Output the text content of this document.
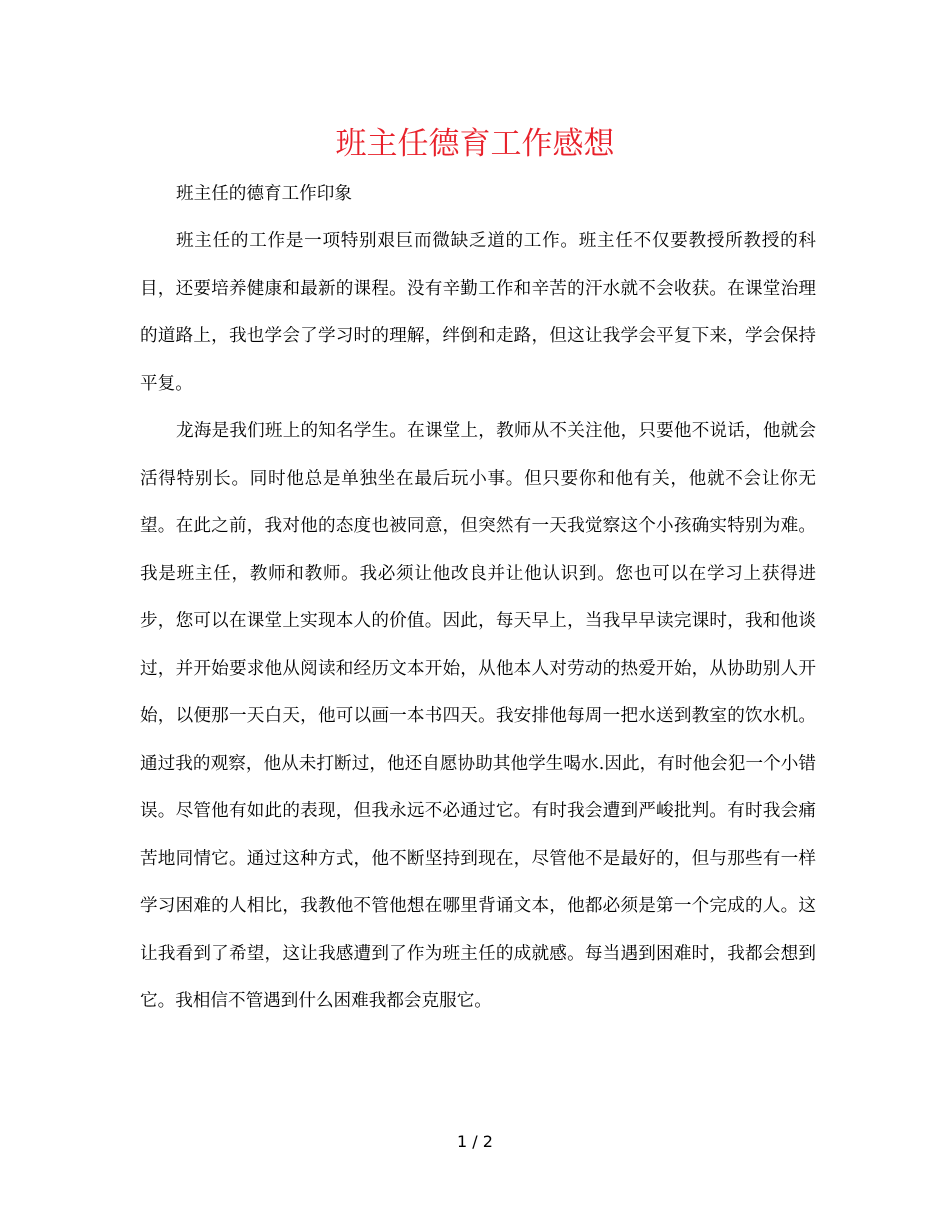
班主任德育工作感想

班主任的德育工作印象

班主任的工作是一项特别艰巨而微缺乏道的工作。班主任不仅要教授所教授的科目，还要培养健康和最新的课程。没有辛勤工作和辛苦的汗水就不会收获。在课堂治理的道路上，我也学会了学习时的理解，绊倒和走路，但这让我学会平复下来，学会保持平复。

龙海是我们班上的知名学生。在课堂上，教师从不关注他，只要他不说话，他就会活得特别长。同时他总是单独坐在最后玩小事。但只要你和他有关，他就不会让你无望。在此之前，我对他的态度也被同意，但突然有一天我觉察这个小孩确实特别为难。我是班主任，教师和教师。我必须让他改良并让他认识到。您也可以在学习上获得进步，您可以在课堂上实现本人的价值。因此，每天早上，当我早早读完课时，我和他谈过，并开始要求他从阅读和经历文本开始，从他本人对劳动的热爱开始，从协助别人开始，以便那一天白天，他可以画一本书四天。我安排他每周一把水送到教室的饮水机。通过我的观察，他从未打断过，他还自愿协助其他学生喝水.因此，有时他会犯一个小错误。尽管他有如此的表现，但我永远不必通过它。有时我会遭到严峻批判。有时我会痛苦地同情它。通过这种方式，他不断坚持到现在，尽管他不是最好的，但与那些有一样学习困难的人相比，我教他不管他想在哪里背诵文本，他都必须是第一个完成的人。这让我看到了希望，这让我感遭到了作为班主任的成就感。每当遇到困难时，我都会想到它。我相信不管遇到什么困难我都会克服它。

1 / 2
